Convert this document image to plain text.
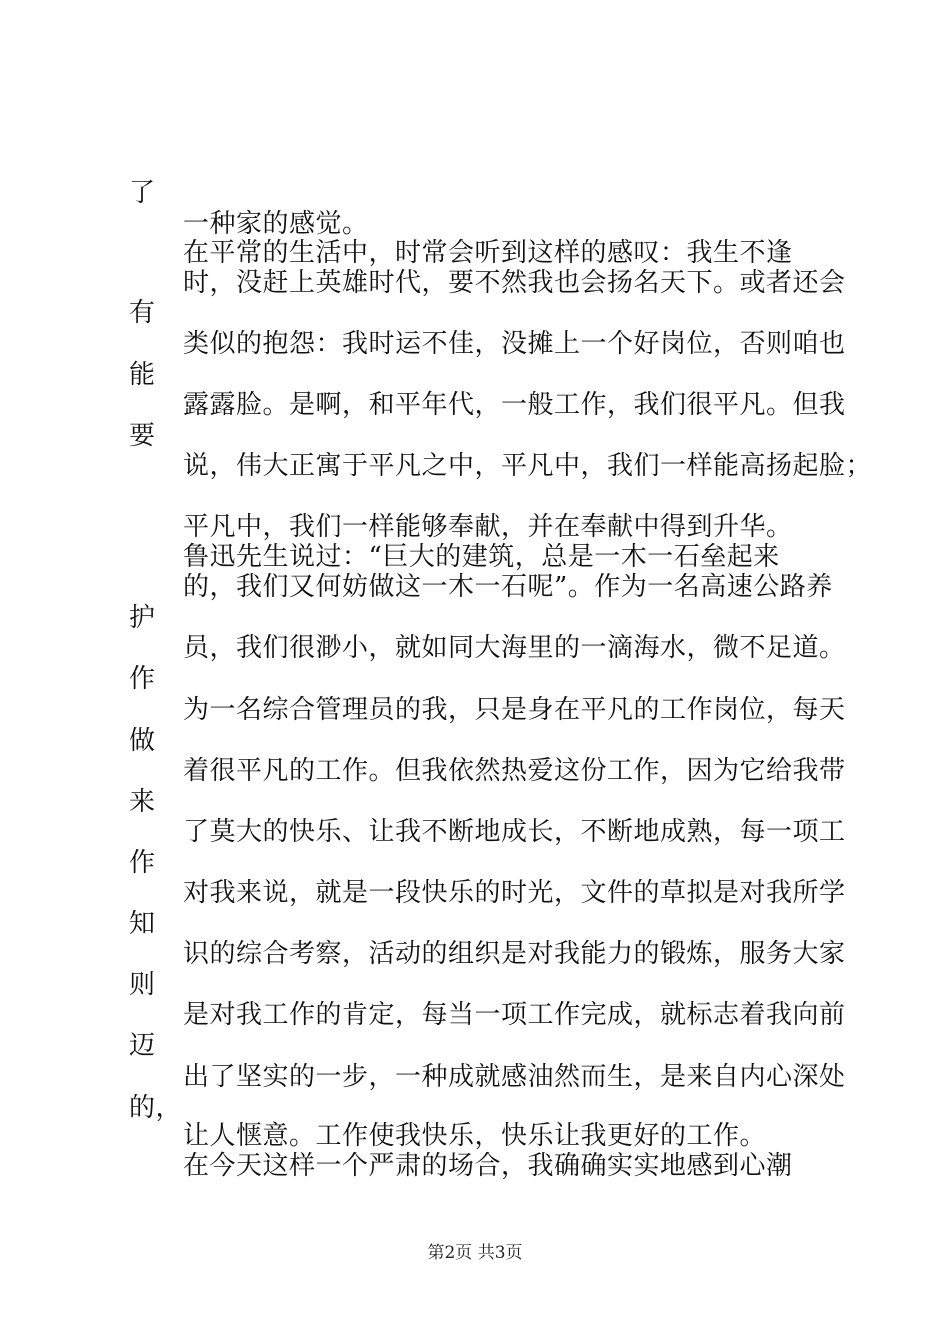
了
有
能
要
护
作
做
来
作
知
则
迈
的，
一种家的感觉。
在平常的生活中，时常会听到这样的感叹：我生不逢
时，没赶上英雄时代，要不然我也会扬名天下。或者还会
类似的抱怨：我时运不佳，没摊上一个好岗位，否则咱也
露露脸。是啊，和平年代，一般工作，我们很平凡。但我
说，伟大正寓于平凡之中，平凡中，我们一样能高扬起脸；
平凡中，我们一样能够奉献，并在奉献中得到升华。
鲁迅先生说过：“巨大的建筑，总是一木一石垒起来
的，我们又何妨做这一木一石呢”。作为一名高速公路养
员，我们很渺小，就如同大海里的一滴海水，微不足道。
为一名综合管理员的我，只是身在平凡的工作岗位，每天
着很平凡的工作。但我依然热爱这份工作，因为它给我带
了莫大的快乐、让我不断地成长，不断地成熟，每一项工
对我来说，就是一段快乐的时光，文件的草拟是对我所学
识的综合考察，活动的组织是对我能力的锻炼，服务大家
是对我工作的肯定，每当一项工作完成，就标志着我向前
出了坚实的一步，一种成就感油然而生，是来自内心深处
让人惬意。工作使我快乐，快乐让我更好的工作。
在今天这样一个严肃的场合，我确确实实地感到心潮
第2页 共3页
